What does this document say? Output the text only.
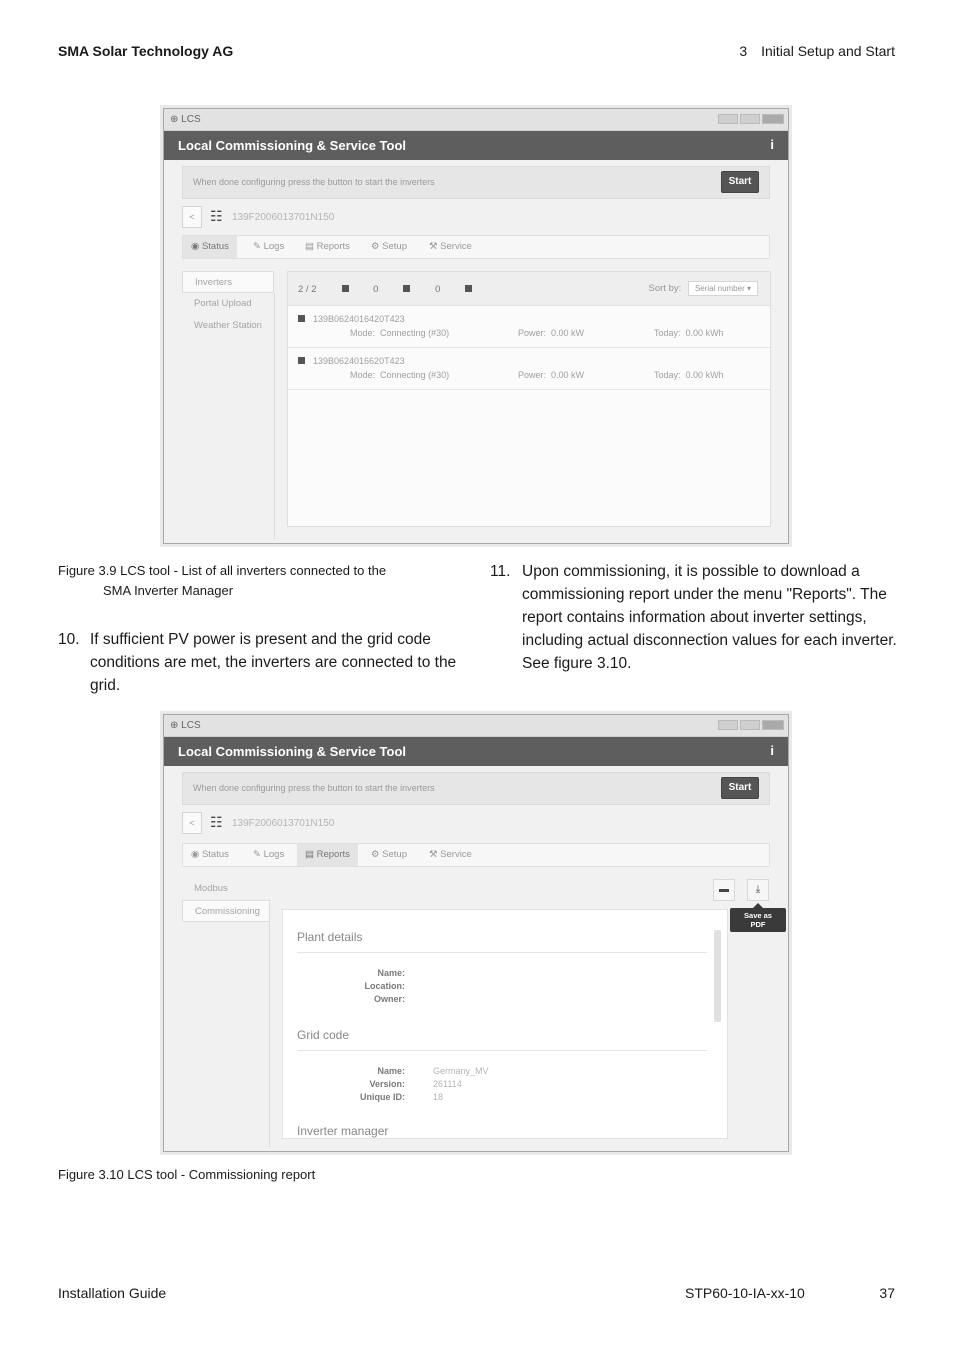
SMA Solar Technology AG	3 Initial Setup and Start
⊕ LCS
Local Commissioning & Service Tool	i
When done configuring press the button to start the inverters	Start
<	☷ 139F2006013701N150
◉ Status	✎ Logs	▤ Reports	⚙ Setup	⚒ Service
Inverters
Portal Upload
Weather Station
2 / 2	0	0	Sort by: Serial number ▾
139B0624016420T423
Mode: Connecting (#30)	Power: 0.00 kW	Today: 0.00 kWh
139B0624016620T423
Mode: Connecting (#30)	Power: 0.00 kW	Today: 0.00 kWh
Figure 3.9 LCS tool - List of all inverters connected to the
SMA Inverter Manager
10. If sufficient PV power is present and the grid code conditions are met, the inverters are connected to the grid.
11. Upon commissioning, it is possible to download a commissioning report under the menu "Reports". The report contains information about inverter settings, including actual disconnection values for each inverter. See figure 3.10.
⊕ LCS
Local Commissioning & Service Tool	i
When done configuring press the button to start the inverters	Start
<	☷ 139F2006013701N150
◉ Status	✎ Logs	▤ Reports	⚙ Setup	⚒ Service
Modbus
Commissioning
▬	⤓
Save as
PDF
Plant details
Name:
Location:
Owner:
Grid code
Name:	Germany_MV
Version:	261114
Unique ID:	18
Inverter manager
Figure 3.10 LCS tool - Commissioning report
Installation Guide	STP60-10-IA-xx-10	37
